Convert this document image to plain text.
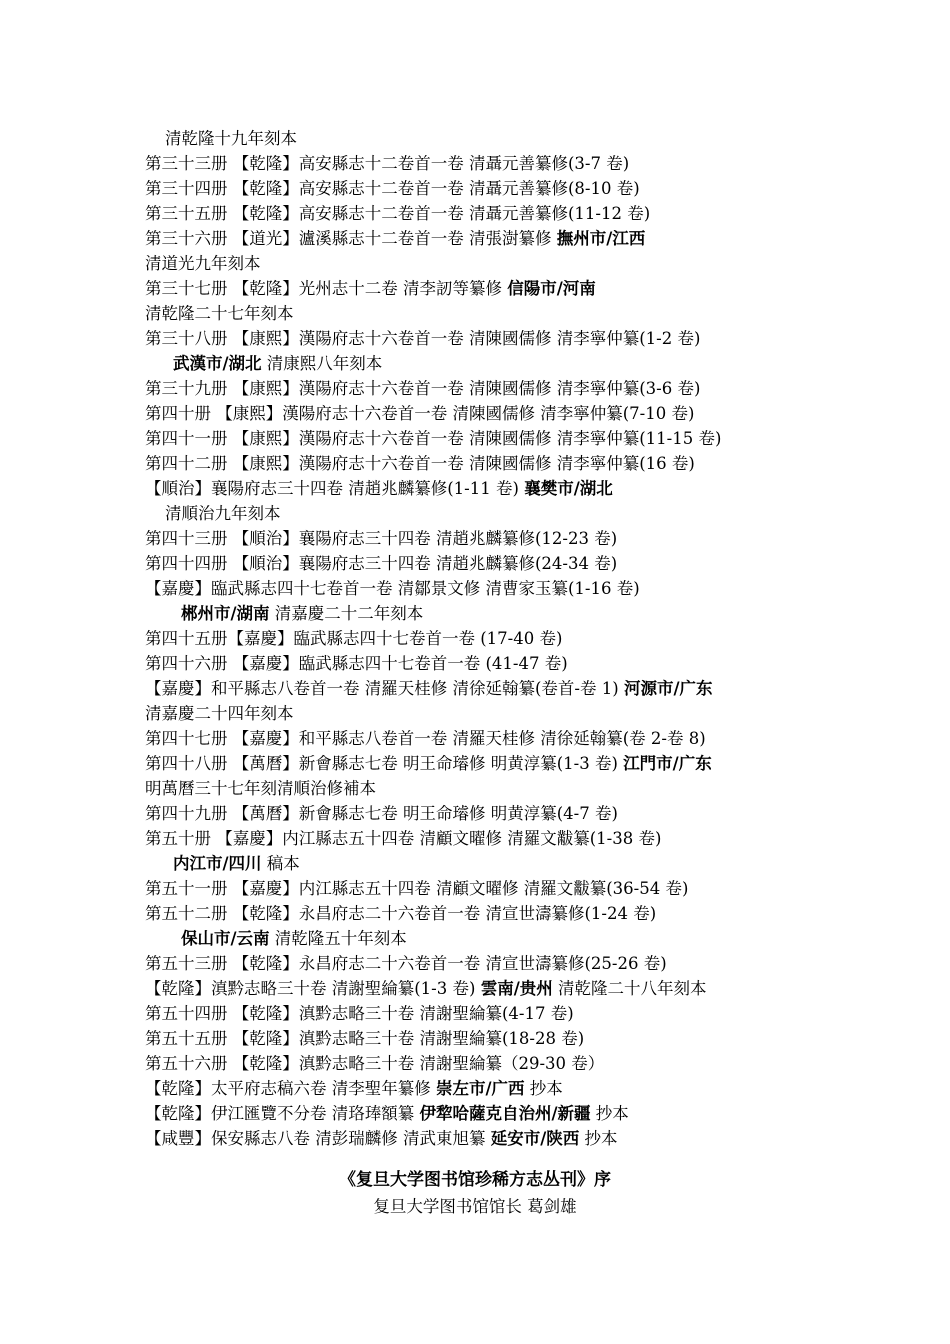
清乾隆十九年刻本
第三十三册 【乾隆】高安縣志十二卷首一卷 清聶元善纂修(3-7 卷)
第三十四册 【乾隆】高安縣志十二卷首一卷 清聶元善纂修(8-10 卷)
第三十五册 【乾隆】高安縣志十二卷首一卷 清聶元善纂修(11-12 卷)
第三十六册 【道光】瀘溪縣志十二卷首一卷 清張澍纂修 撫州市/江西
清道光九年刻本
第三十七册 【乾隆】光州志十二卷 清李訒等纂修 信陽市/河南
清乾隆二十七年刻本
第三十八册 【康熙】漢陽府志十六卷首一卷 清陳國儒修 清李寧仲纂(1-2 卷)
武漢市/湖北 清康熙八年刻本
第三十九册 【康熙】漢陽府志十六卷首一卷 清陳國儒修 清李寧仲纂(3-6 卷)
第四十册 【康熙】漢陽府志十六卷首一卷 清陳國儒修 清李寧仲纂(7-10 卷)
第四十一册 【康熙】漢陽府志十六卷首一卷 清陳國儒修 清李寧仲纂(11-15 卷)
第四十二册 【康熙】漢陽府志十六卷首一卷 清陳國儒修 清李寧仲纂(16 卷)
【順治】襄陽府志三十四卷 清趙兆麟纂修(1-11 卷) 襄樊市/湖北
清順治九年刻本
第四十三册 【順治】襄陽府志三十四卷 清趙兆麟纂修(12-23 卷)
第四十四册 【順治】襄陽府志三十四卷 清趙兆麟纂修(24-34 卷)
【嘉慶】臨武縣志四十七卷首一卷 清鄒景文修 清曹家玉纂(1-16 卷)
郴州市/湖南 清嘉慶二十二年刻本
第四十五册【嘉慶】臨武縣志四十七卷首一卷 (17-40 卷)
第四十六册 【嘉慶】臨武縣志四十七卷首一卷 (41-47 卷)
【嘉慶】和平縣志八卷首一卷 清羅天桂修 清徐延翰纂(卷首-卷 1) 河源市/广东
清嘉慶二十四年刻本
第四十七册 【嘉慶】和平縣志八卷首一卷 清羅天桂修 清徐延翰纂(卷 2-卷 8)
第四十八册 【萬曆】新會縣志七卷 明王命璿修 明黄淳纂(1-3 卷) 江門市/广东
明萬曆三十七年刻清順治修補本
第四十九册 【萬曆】新會縣志七卷 明王命璿修 明黄淳纂(4-7 卷)
第五十册 【嘉慶】内江縣志五十四卷 清顧文曜修 清羅文黻纂(1-38 卷)
内江市/四川 稿本
第五十一册 【嘉慶】内江縣志五十四卷 清顧文曜修 清羅文黻纂(36-54 卷)
第五十二册 【乾隆】永昌府志二十六卷首一卷 清宣世濤纂修(1-24 卷)
保山市/云南 清乾隆五十年刻本
第五十三册 【乾隆】永昌府志二十六卷首一卷 清宣世濤纂修(25-26 卷)
【乾隆】滇黔志略三十卷 清謝聖綸纂(1-3 卷) 雲南/贵州 清乾隆二十八年刻本
第五十四册 【乾隆】滇黔志略三十卷 清謝聖綸纂(4-17 卷)
第五十五册 【乾隆】滇黔志略三十卷 清謝聖綸纂(18-28 卷)
第五十六册 【乾隆】滇黔志略三十卷 清謝聖綸纂（29-30 卷）
【乾隆】太平府志稿六卷 清李聖年纂修 崇左市/广西 抄本
【乾隆】伊江匯覽不分卷 清珞琫額纂 伊犂哈薩克自治州/新疆 抄本
【咸豐】保安縣志八卷 清彭瑞麟修 清武東旭纂 延安市/陕西 抄本
《复旦大学图书馆珍稀方志丛刊》序
复旦大学图书馆馆长 葛剑雄
